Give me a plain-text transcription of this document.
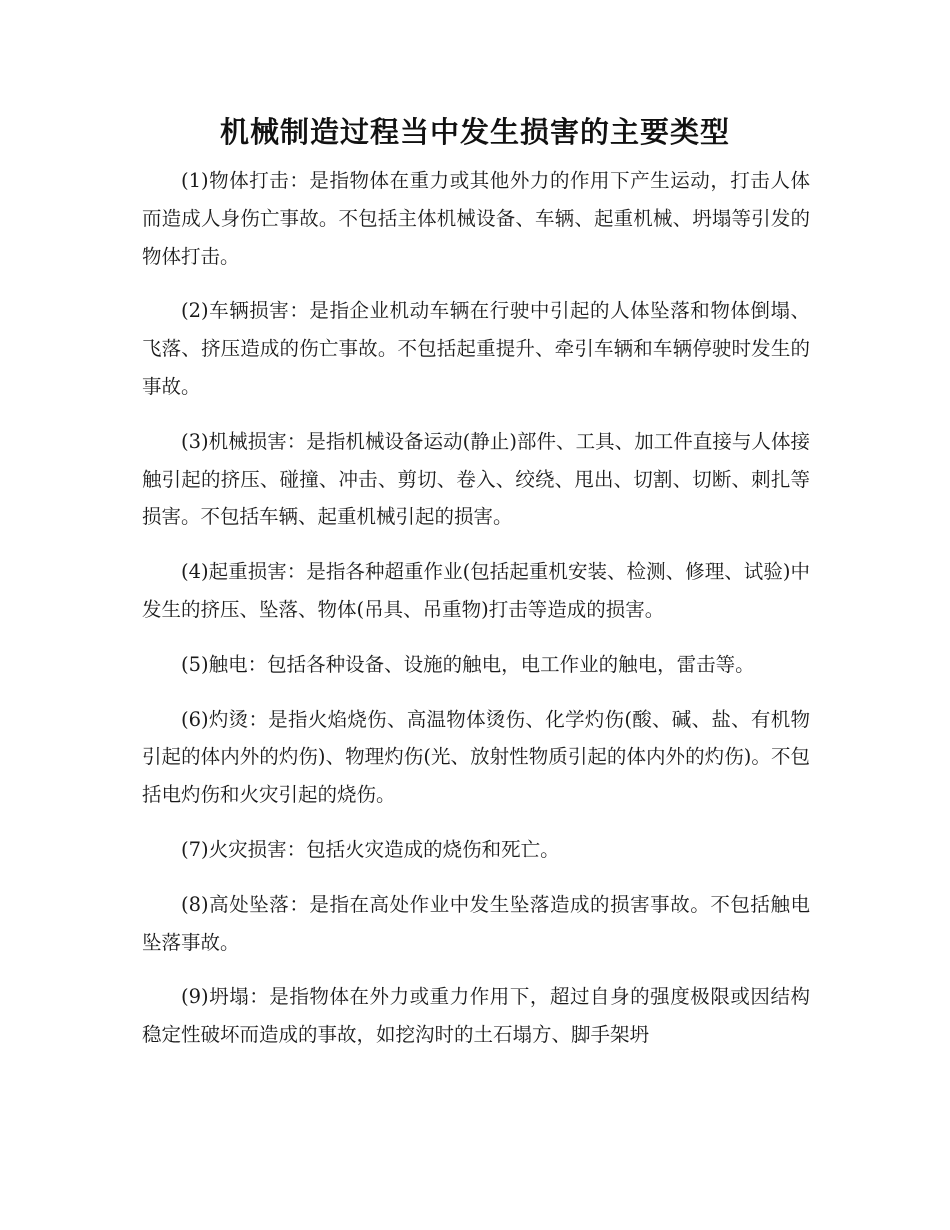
机械制造过程当中发生损害的主要类型

(1)物体打击：是指物体在重力或其他外力的作用下产生运动，打击人体而造成人身伤亡事故。不包括主体机械设备、车辆、起重机械、坍塌等引发的物体打击。

(2)车辆损害：是指企业机动车辆在行驶中引起的人体坠落和物体倒塌、飞落、挤压造成的伤亡事故。不包括起重提升、牵引车辆和车辆停驶时发生的事故。

(3)机械损害：是指机械设备运动(静止)部件、工具、加工件直接与人体接触引起的挤压、碰撞、冲击、剪切、卷入、绞绕、甩出、切割、切断、刺扎等损害。不包括车辆、起重机械引起的损害。

(4)起重损害：是指各种超重作业(包括起重机安装、检测、修理、试验)中发生的挤压、坠落、物体(吊具、吊重物)打击等造成的损害。

(5)触电：包括各种设备、设施的触电，电工作业的触电，雷击等。

(6)灼烫：是指火焰烧伤、高温物体烫伤、化学灼伤(酸、碱、盐、有机物引起的体内外的灼伤)、物理灼伤(光、放射性物质引起的体内外的灼伤)。不包括电灼伤和火灾引起的烧伤。

(7)火灾损害：包括火灾造成的烧伤和死亡。

(8)高处坠落：是指在高处作业中发生坠落造成的损害事故。不包括触电坠落事故。

(9)坍塌：是指物体在外力或重力作用下，超过自身的强度极限或因结构稳定性破坏而造成的事故，如挖沟时的土石塌方、脚手架坍
